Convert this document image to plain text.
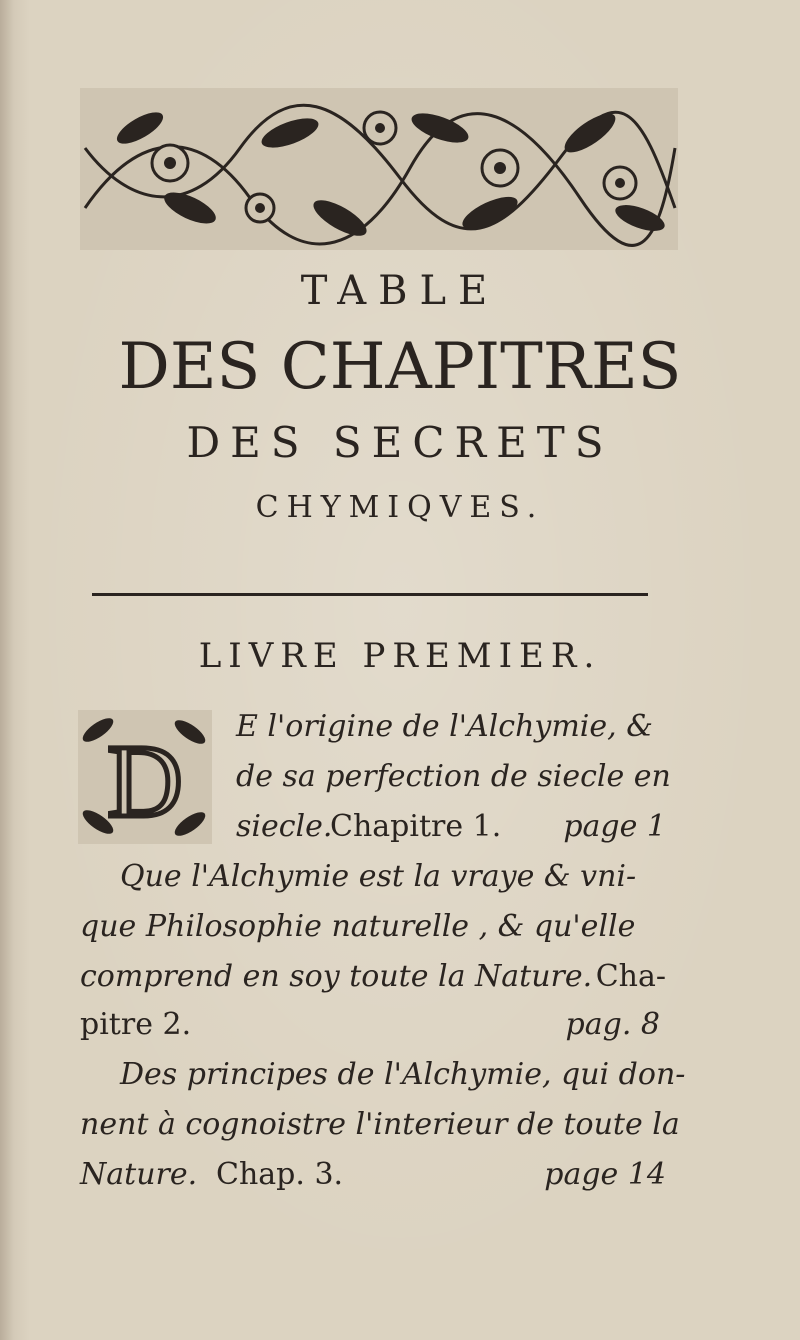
TABLE
DES CHAPITRES
DES SECRETS
CHYMIQVES.
LIVRE PREMIER.
D E l'origine de l'Alchymie, &
de sa perfection de siecle en
siecle.
Chapitre 1. page 1
Que l'Alchymie est la vraye & vni-
que Philosophie naturelle , & qu'elle
comprend en soy toute la Nature. Cha-
pitre 2.	pag. 8
Des principes de l'Alchymie, qui don-
nent à cognoistre l'interieur de toute la
Nature. Chap. 3.	page 14
